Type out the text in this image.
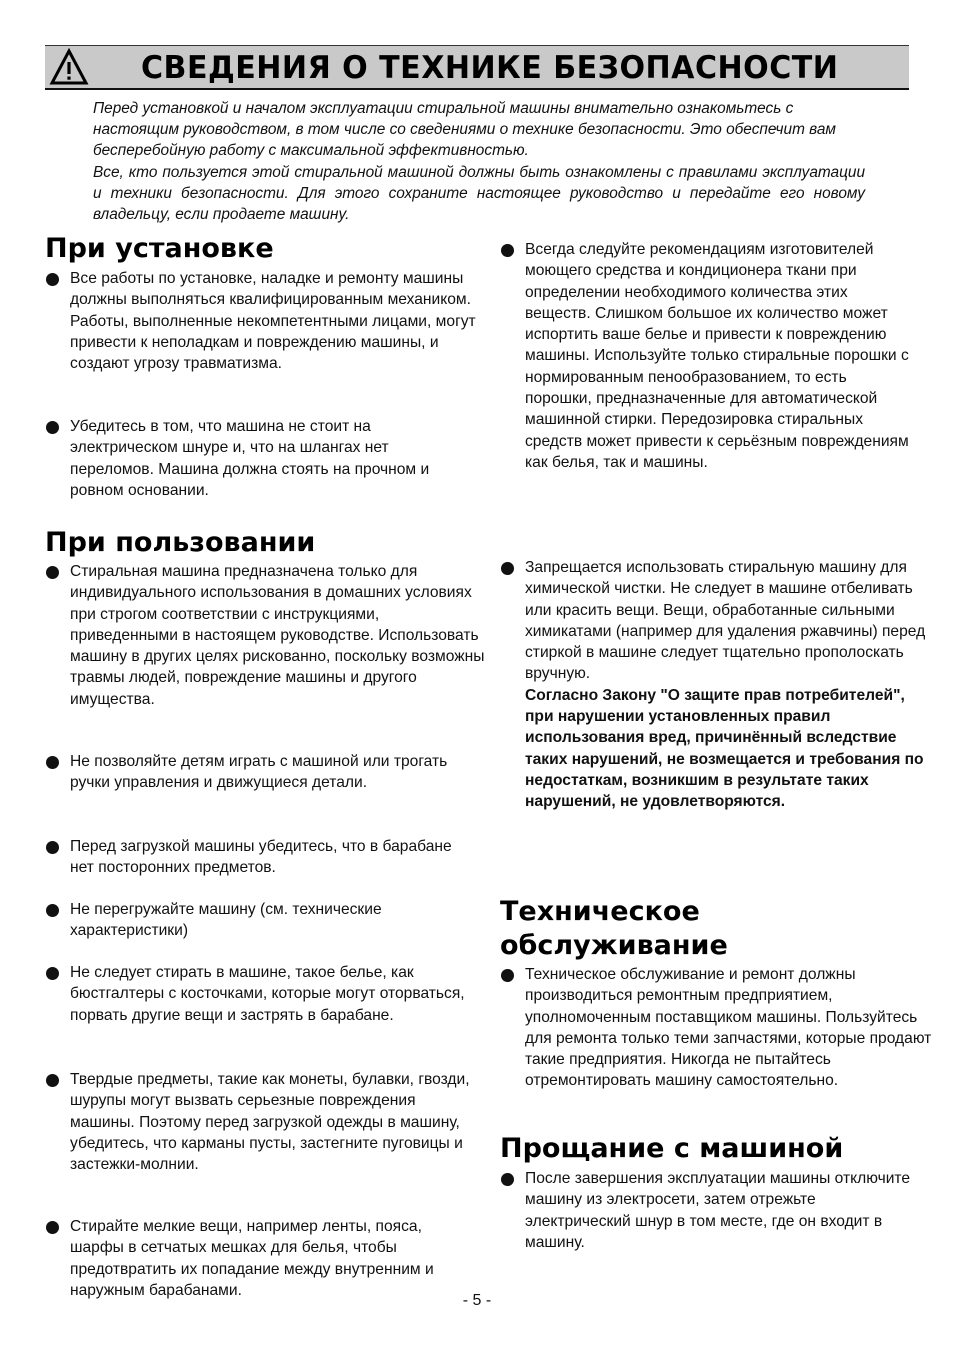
СВЕДЕНИЯ О ТЕХНИКЕ БЕЗОПАСНОСТИ

Перед установкой и началом эксплуатации стиральной машины внимательно ознакомьтесь с настоящим руководством, в том числе со сведениями о технике безопасности. Это обеспечит вам бесперебойную работу с максимальной эффективностью.

Все, кто пользуется этой стиральной машиной должны быть ознакомлены с правилами эксплуатации и техники безопасности. Для этого сохраните настоящее руководство и передайте его новому владельцу, если продаете машину.

При установке
Все работы по установке, наладке и ремонту машины должны выполняться квалифицированным механиком. Работы, выполненные некомпетентными лицами, могут привести к неполадкам и повреждению машины, и создают угрозу травматизма.
Убедитесь в том, что машина не стоит на электрическом шнуре и, что на шлангах нет переломов. Машина должна стоять на прочном и ровном основании.
При пользовании
Стиральная машина предназначена только для индивидуального использования в домашних условиях при строгом соответствии с инструкциями, приведенными в настоящем руководстве. Использовать машину в других целях рискованно, поскольку возможны травмы людей, повреждение машины и другого имущества.
Не позволяйте детям играть с машиной или трогать ручки управления и движущиеся детали.
Перед загрузкой машины убедитесь, что в барабане нет посторонних предметов.
Не перегружайте машину (см. технические характеристики)
Не следует стирать в машине, такое белье, как бюстгалтеры с косточками, которые могут оторваться, порвать другие вещи и застрять в барабане.
Твердые предметы, такие как монеты, булавки, гвозди, шурупы могут вызвать серьезные повреждения машины. Поэтому перед загрузкой одежды в машину, убедитесь, что карманы пусты, застегните пуговицы и застежки-молнии.
Стирайте мелкие вещи, например ленты, пояса, шарфы в сетчатых мешках для белья, чтобы предотвратить их попадание между внутренним и наружным барабанами.
Всегда следуйте рекомендациям изготовителей моющего средства и кондиционера ткани при определении необходимого количества этих веществ. Слишком большое их количество может испортить ваше белье и привести к повреждению машины. Используйте только стиральные порошки с нормированным пенообразованием, то есть порошки, предназначенные для автоматической машинной стирки. Передозировка стиральных средств может привести к серьёзным повреждениям как белья, так и машины.
Запрещается использовать стиральную машину для химической чистки. Не следует в машине отбеливать или красить вещи. Вещи, обработанные сильными химикатами (например для удаления ржавчины) перед стиркой в машине следует тщательно прополоскать вручную.
Согласно Закону "О защите прав потребителей", при нарушении установленных правил использования вред, причинённый вследствие таких нарушений, не возмещается и требования по недостаткам, возникшим в результате таких нарушений, не удовлетворяются.
Техническое
обслуживание
Техническое обслуживание и ремонт должны производиться ремонтным предприятием, уполномоченным поставщиком машины. Пользуйтесь для ремонта только теми запчастями, которые продают такие предприятия. Никогда не пытайтесь отремонтировать машину самостоятельно.
Прощание с машиной
После завершения эксплуатации машины отключите машину из электросети, затем отрежьте электрический шнур в том месте, где он входит в машину.
- 5 -
